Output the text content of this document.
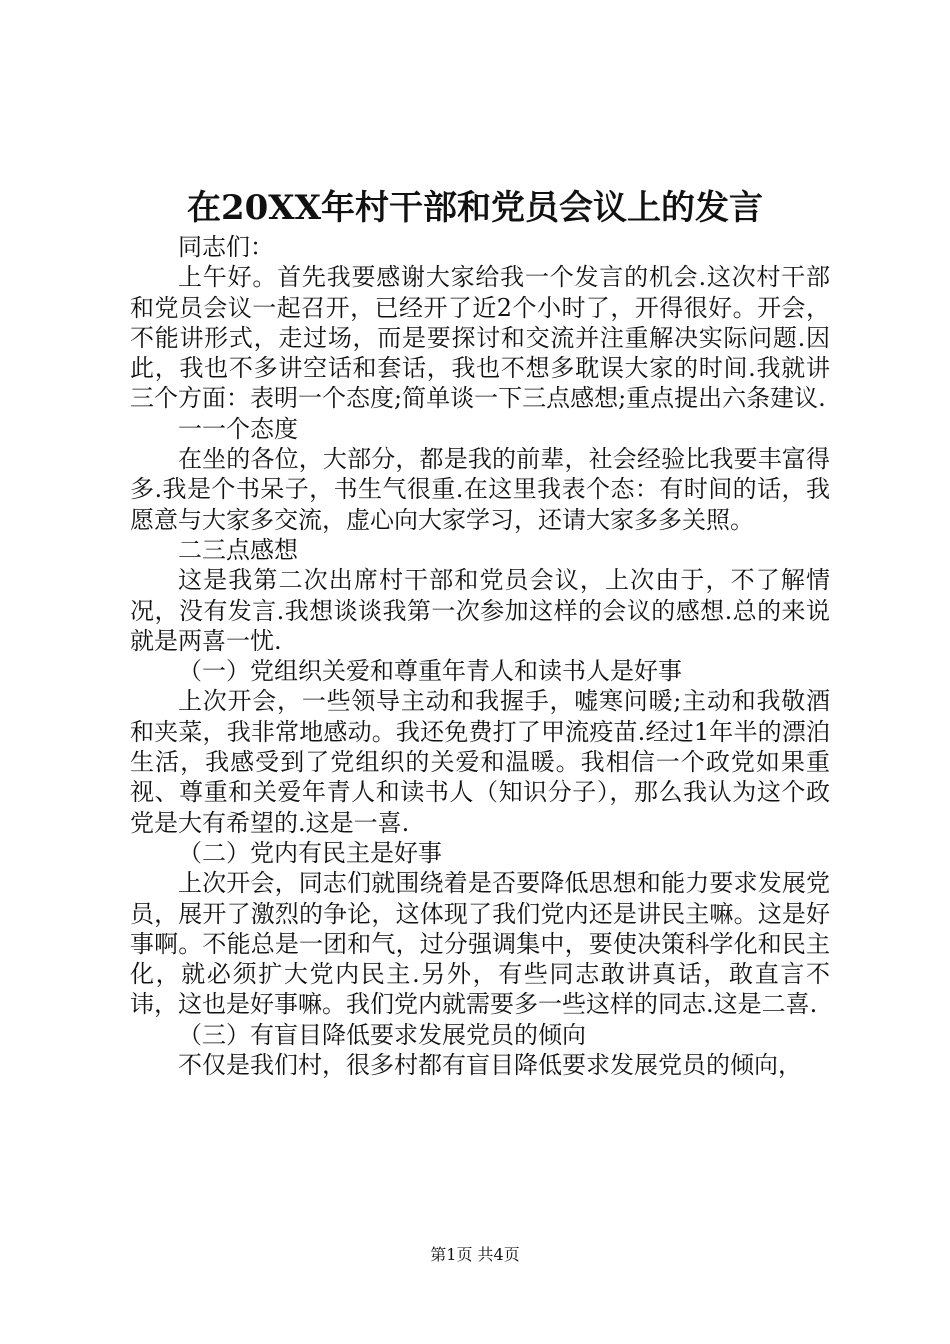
在20XX年村干部和党员会议上的发言

同志们：

上午好。首先我要感谢大家给我一个发言的机会.这次村干部和党员会议一起召开，已经开了近2个小时了，开得很好。开会，不能讲形式，走过场，而是要探讨和交流并注重解决实际问题.因此，我也不多讲空话和套话，我也不想多耽误大家的时间.我就讲三个方面：表明一个态度;简单谈一下三点感想;重点提出六条建议.

一一个态度

在坐的各位，大部分，都是我的前辈，社会经验比我要丰富得多.我是个书呆子，书生气很重.在这里我表个态：有时间的话，我愿意与大家多交流，虚心向大家学习，还请大家多多关照。

二三点感想

这是我第二次出席村干部和党员会议，上次由于，不了解情况，没有发言.我想谈谈我第一次参加这样的会议的感想.总的来说就是两喜一忧.

（一）党组织关爱和尊重年青人和读书人是好事

上次开会，一些领导主动和我握手，嘘寒问暖;主动和我敬酒和夹菜，我非常地感动。我还免费打了甲流疫苗.经过1年半的漂泊生活，我感受到了党组织的关爱和温暖。我相信一个政党如果重视、尊重和关爱年青人和读书人（知识分子），那么我认为这个政党是大有希望的.这是一喜.

（二）党内有民主是好事

上次开会，同志们就围绕着是否要降低思想和能力要求发展党员，展开了激烈的争论，这体现了我们党内还是讲民主嘛。这是好事啊。不能总是一团和气，过分强调集中，要使决策科学化和民主化，就必须扩大党内民主.另外，有些同志敢讲真话，敢直言不讳，这也是好事嘛。我们党内就需要多一些这样的同志.这是二喜.

（三）有盲目降低要求发展党员的倾向

不仅是我们村，很多村都有盲目降低要求发展党员的倾向，

第1页 共4页
